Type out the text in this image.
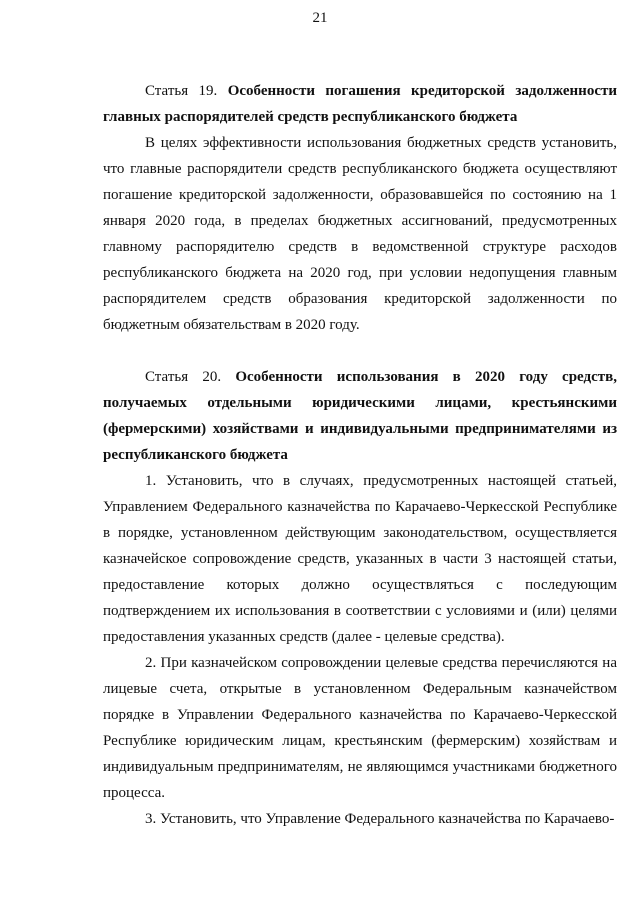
21
Статья 19. Особенности погашения кредиторской задолженности главных распорядителей средств республиканского бюджета
В целях эффективности использования бюджетных средств установить, что главные распорядители средств республиканского бюджета осуществляют погашение кредиторской задолженности, образовавшейся по состоянию на 1 января 2020 года, в пределах бюджетных ассигнований, предусмотренных главному распорядителю средств в ведомственной структуре расходов республиканского бюджета на 2020 год, при условии недопущения главным распорядителем средств образования кредиторской задолженности по бюджетным обязательствам в 2020 году.
Статья 20. Особенности использования в 2020 году средств, получаемых отдельными юридическими лицами, крестьянскими (фермерскими) хозяйствами и индивидуальными предпринимателями из республиканского бюджета
1. Установить, что в случаях, предусмотренных настоящей статьей, Управлением Федерального казначейства по Карачаево-Черкесской Республике в порядке, установленном действующим законодательством, осуществляется казначейское сопровождение средств, указанных в части 3 настоящей статьи, предоставление которых должно осуществляться с последующим подтверждением их использования в соответствии с условиями и (или) целями предоставления указанных средств (далее - целевые средства).
2. При казначейском сопровождении целевые средства перечисляются на лицевые счета, открытые в установленном Федеральным казначейством порядке в Управлении Федерального казначейства по Карачаево-Черкесской Республике юридическим лицам, крестьянским (фермерским) хозяйствам и индивидуальным предпринимателям, не являющимся участниками бюджетного процесса.
3. Установить, что Управление Федерального казначейства по Карачаево-
